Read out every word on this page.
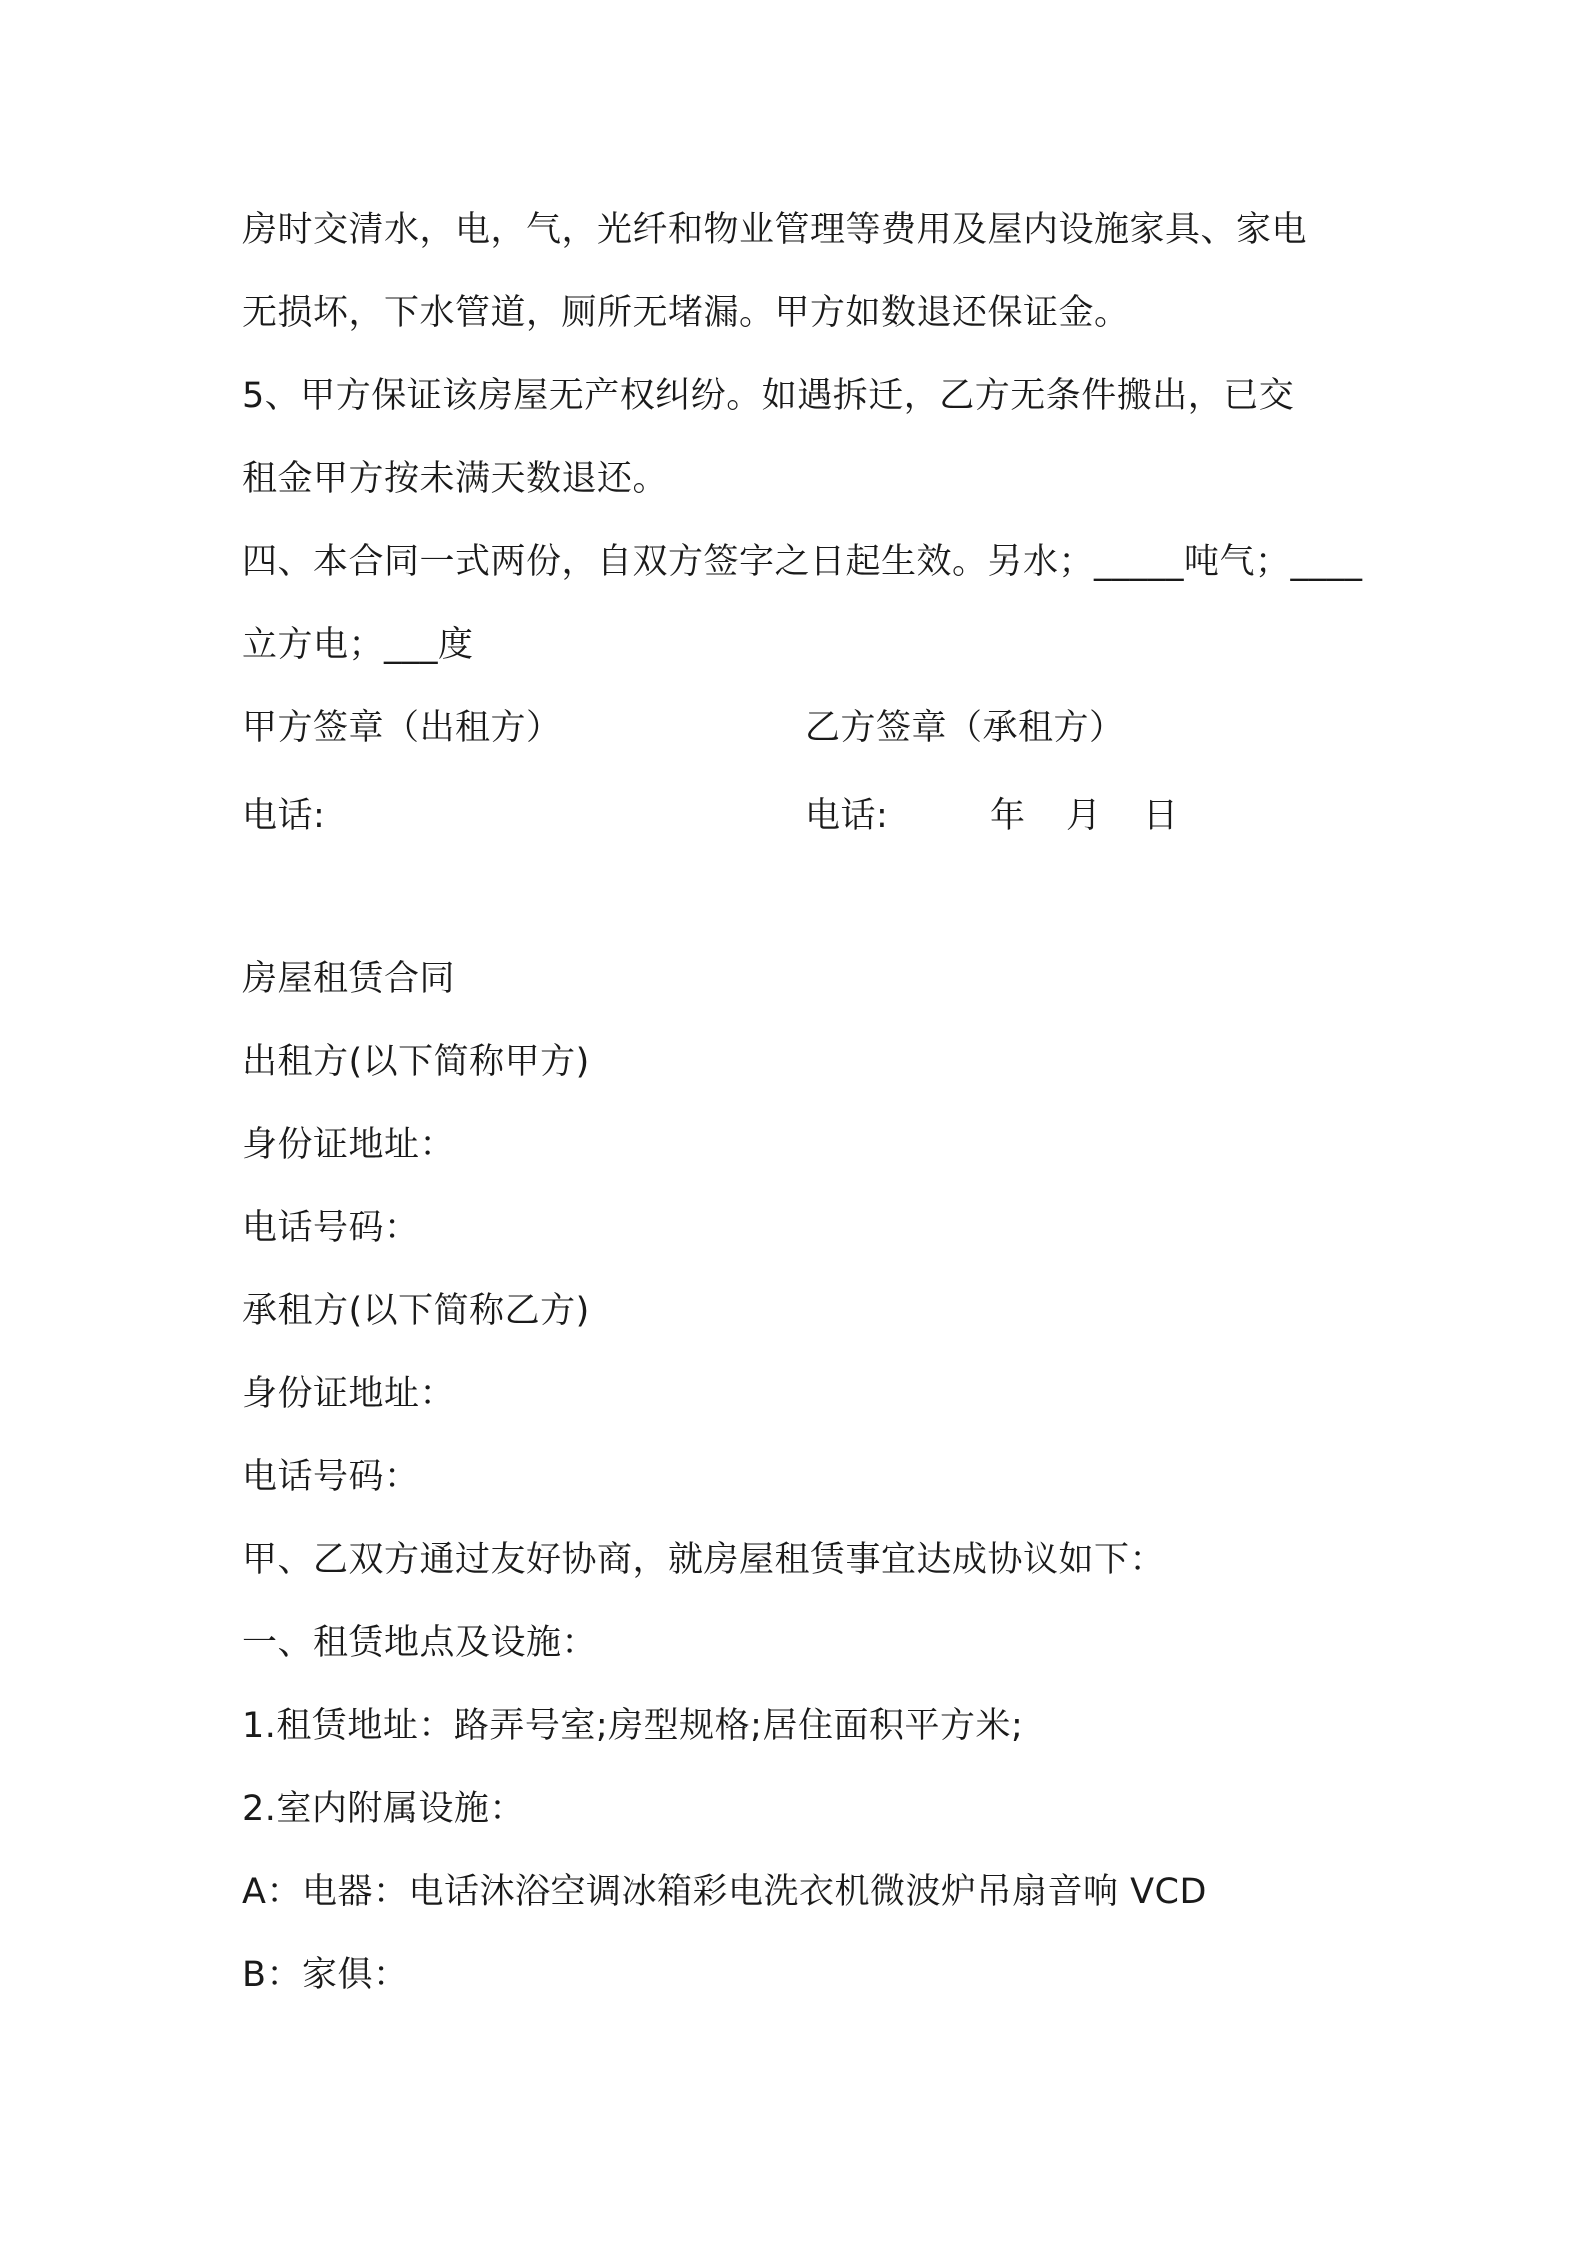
房时交清水，电，气，光纤和物业管理等费用及屋内设施家具、家电
无损坏，下水管道，厕所无堵漏。甲方如数退还保证金。
5、甲方保证该房屋无产权纠纷。如遇拆迁，乙方无条件搬出，已交
租金甲方按未满天数退还。
四、本合同一式两份，自双方签字之日起生效。另水；_____吨气；____
立方电；___度
甲方签章（出租方）	乙方签章（承租方）
电话:	电话:	年 月 日
房屋租赁合同
出租方(以下简称甲方)
身份证地址：
电话号码：
承租方(以下简称乙方)
身份证地址：
电话号码：
甲、乙双方通过友好协商，就房屋租赁事宜达成协议如下：
一、租赁地点及设施：
1.租赁地址：路弄号室;房型规格;居住面积平方米;
2.室内附属设施：
A：电器：电话沐浴空调冰箱彩电洗衣机微波炉吊扇音响 VCD
B：家俱：
